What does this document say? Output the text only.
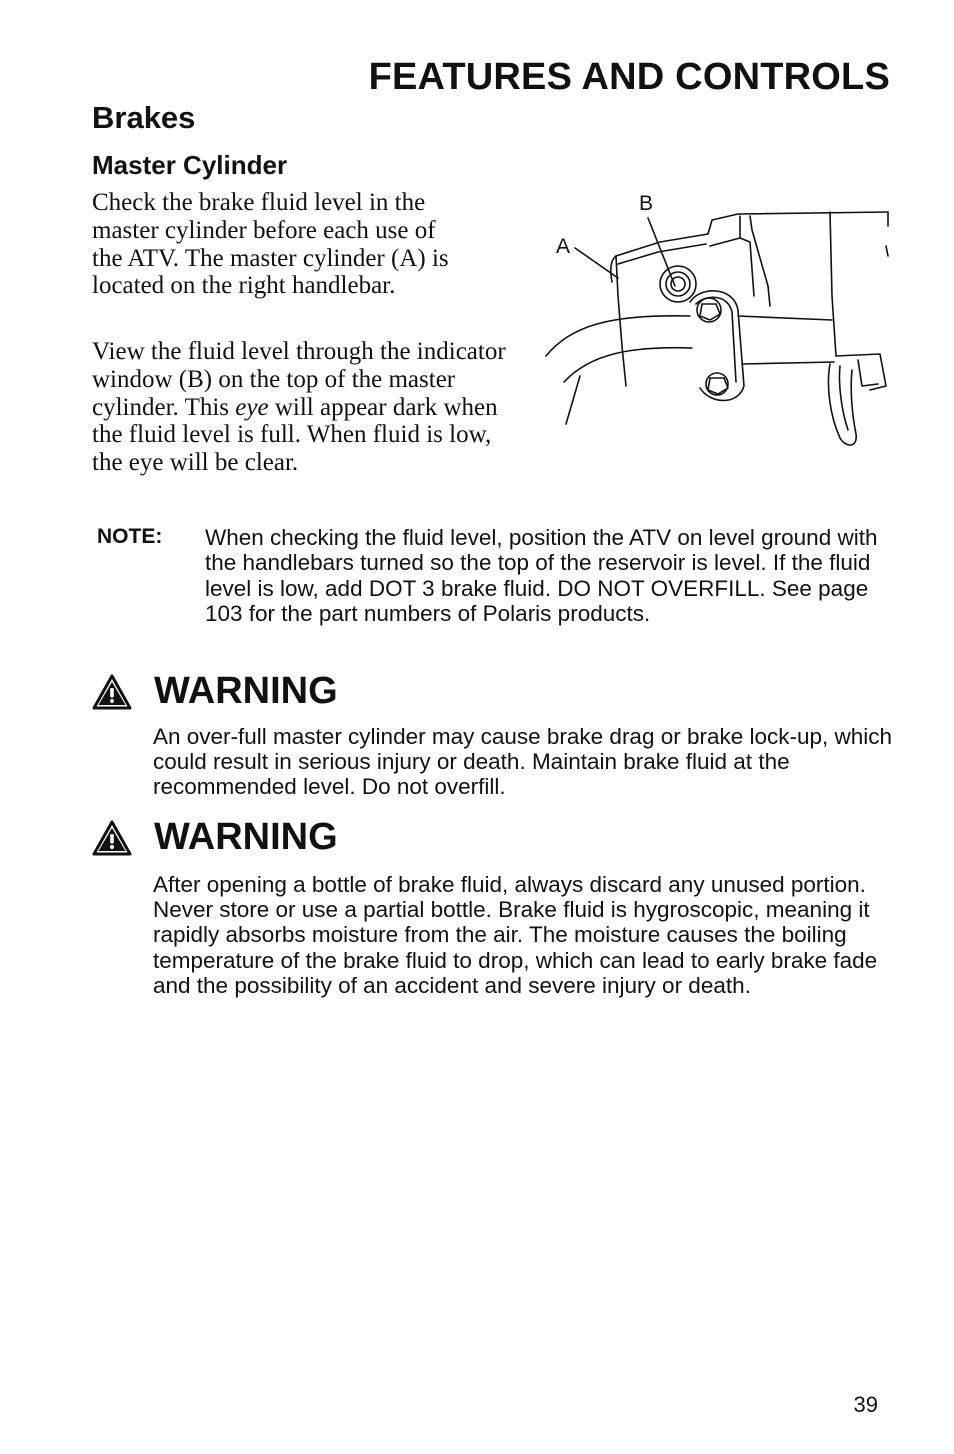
FEATURES AND CONTROLS
Brakes
Master Cylinder

Check the brake fluid level in the master cylinder before each use of the ATV. The master cylinder (A) is located on the right handlebar.

View the fluid level through the indicator window (B) on the top of the master cylinder. This eye will appear dark when the fluid level is full. When fluid is low, the eye will be clear.

B
A

NOTE: When checking the fluid level, position the ATV on level ground with the handlebars turned so the top of the reservoir is level. If the fluid level is low, add DOT 3 brake fluid. DO NOT OVERFILL. See page 103 for the part numbers of Polaris products.

WARNING

An over-full master cylinder may cause brake drag or brake lock-up, which could result in serious injury or death. Maintain brake fluid at the recommended level. Do not overfill.

WARNING

After opening a bottle of brake fluid, always discard any unused portion. Never store or use a partial bottle. Brake fluid is hygroscopic, meaning it rapidly absorbs moisture from the air. The moisture causes the boiling temperature of the brake fluid to drop, which can lead to early brake fade and the possibility of an accident and severe injury or death.

39
